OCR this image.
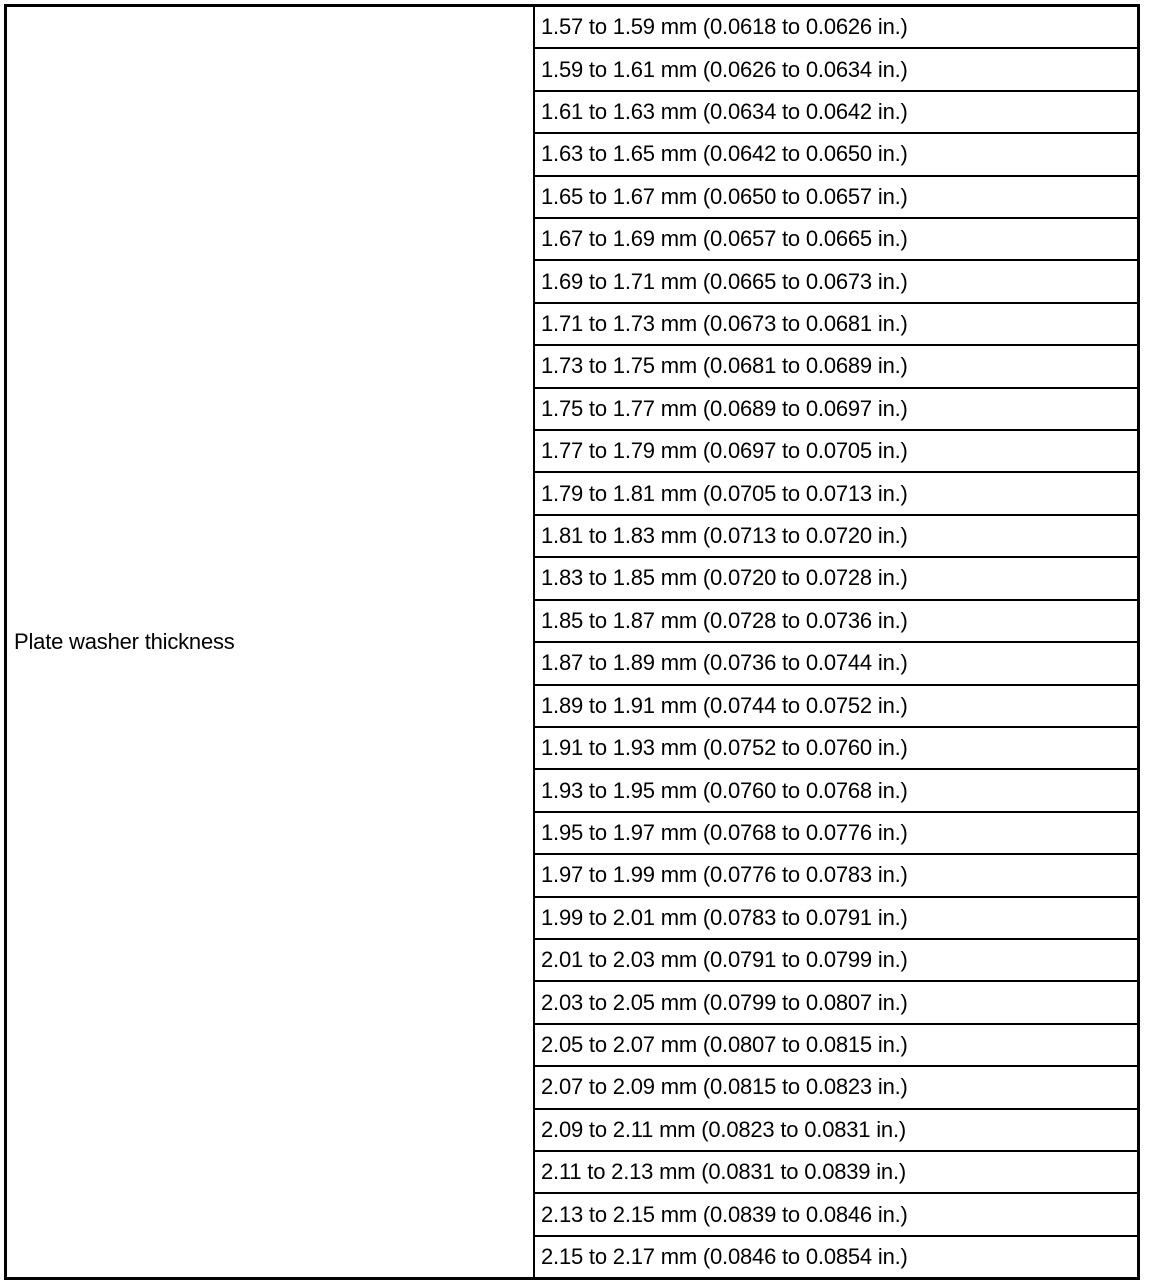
Plate washer thickness
1.57 to 1.59 mm (0.0618 to 0.0626 in.)
1.59 to 1.61 mm (0.0626 to 0.0634 in.)
1.61 to 1.63 mm (0.0634 to 0.0642 in.)
1.63 to 1.65 mm (0.0642 to 0.0650 in.)
1.65 to 1.67 mm (0.0650 to 0.0657 in.)
1.67 to 1.69 mm (0.0657 to 0.0665 in.)
1.69 to 1.71 mm (0.0665 to 0.0673 in.)
1.71 to 1.73 mm (0.0673 to 0.0681 in.)
1.73 to 1.75 mm (0.0681 to 0.0689 in.)
1.75 to 1.77 mm (0.0689 to 0.0697 in.)
1.77 to 1.79 mm (0.0697 to 0.0705 in.)
1.79 to 1.81 mm (0.0705 to 0.0713 in.)
1.81 to 1.83 mm (0.0713 to 0.0720 in.)
1.83 to 1.85 mm (0.0720 to 0.0728 in.)
1.85 to 1.87 mm (0.0728 to 0.0736 in.)
1.87 to 1.89 mm (0.0736 to 0.0744 in.)
1.89 to 1.91 mm (0.0744 to 0.0752 in.)
1.91 to 1.93 mm (0.0752 to 0.0760 in.)
1.93 to 1.95 mm (0.0760 to 0.0768 in.)
1.95 to 1.97 mm (0.0768 to 0.0776 in.)
1.97 to 1.99 mm (0.0776 to 0.0783 in.)
1.99 to 2.01 mm (0.0783 to 0.0791 in.)
2.01 to 2.03 mm (0.0791 to 0.0799 in.)
2.03 to 2.05 mm (0.0799 to 0.0807 in.)
2.05 to 2.07 mm (0.0807 to 0.0815 in.)
2.07 to 2.09 mm (0.0815 to 0.0823 in.)
2.09 to 2.11 mm (0.0823 to 0.0831 in.)
2.11 to 2.13 mm (0.0831 to 0.0839 in.)
2.13 to 2.15 mm (0.0839 to 0.0846 in.)
2.15 to 2.17 mm (0.0846 to 0.0854 in.)
